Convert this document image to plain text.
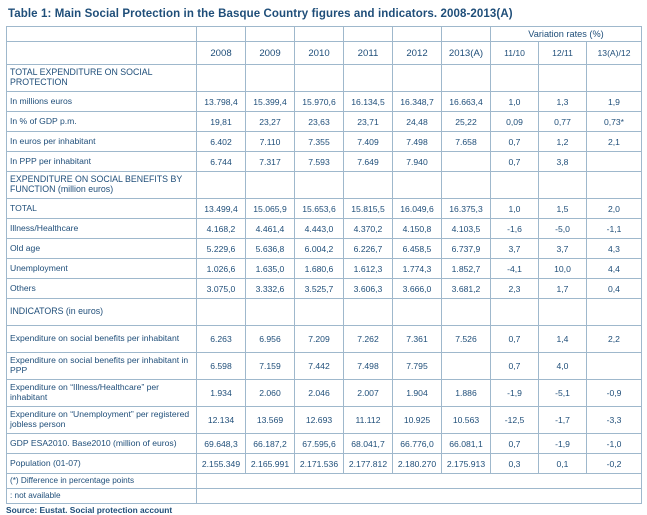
Table 1: Main Social Protection in the Basque Country figures and indicators. 2008-2013(A)
							Variation rates (%)		
	2008	2009	2010	2011	2012	2013(A)	11/10	12/11	13(A)/12
TOTAL EXPENDITURE ON SOCIAL PROTECTION									
In millions euros	13.798,4	15.399,4	15.970,6	16.134,5	16.348,7	16.663,4	1,0	1,3	1,9
In % of GDP p.m.	19,81	23,27	23,63	23,71	24,48	25,22	0,09	0,77	0,73*
In euros per inhabitant	6.402	7.110	7.355	7.409	7.498	7.658	0,7	1,2	2,1
In PPP per inhabitant	6.744	7.317	7.593	7.649	7.940		0,7	3,8	
EXPENDITURE ON SOCIAL BENEFITS BY FUNCTION (million euros)									
TOTAL	13.499,4	15.065,9	15.653,6	15.815,5	16.049,6	16.375,3	1,0	1,5	2,0
Illness/Healthcare	4.168,2	4.461,4	4.443,0	4.370,2	4.150,8	4.103,5	-1,6	-5,0	-1,1
Old age	5.229,6	5.636,8	6.004,2	6.226,7	6.458,5	6.737,9	3,7	3,7	4,3
Unemployment	1.026,6	1.635,0	1.680,6	1.612,3	1.774,3	1.852,7	-4,1	10,0	4,4
Others	3.075,0	3.332,6	3.525,7	3.606,3	3.666,0	3.681,2	2,3	1,7	0,4
INDICATORS (in euros)									
Expenditure on social benefits per inhabitant	6.263	6.956	7.209	7.262	7.361	7.526	0,7	1,4	2,2
Expenditure on social benefits per inhabitant in PPP	6.598	7.159	7.442	7.498	7.795		0,7	4,0	
Expenditure on “Illness/Healthcare” per inhabitant	1.934	2.060	2.046	2.007	1.904	1.886	-1,9	-5,1	-0,9
Expenditure on “Unemployment” per registered jobless person	12.134	13.569	12.693	11.112	10.925	10.563	-12,5	-1,7	-3,3
GDP ESA2010. Base2010 (million of euros)	69.648,3	66.187,2	67.595,6	68.041,7	66.776,0	66.081,1	0,7	-1,9	-1,0
Population (01-07)	2.155.349	2.165.991	2.171.536	2.177.812	2.180.270	2.175.913	0,3	0,1	-0,2
(*) Difference in percentage points									
: not available									
Source: Eustat. Social protection account
